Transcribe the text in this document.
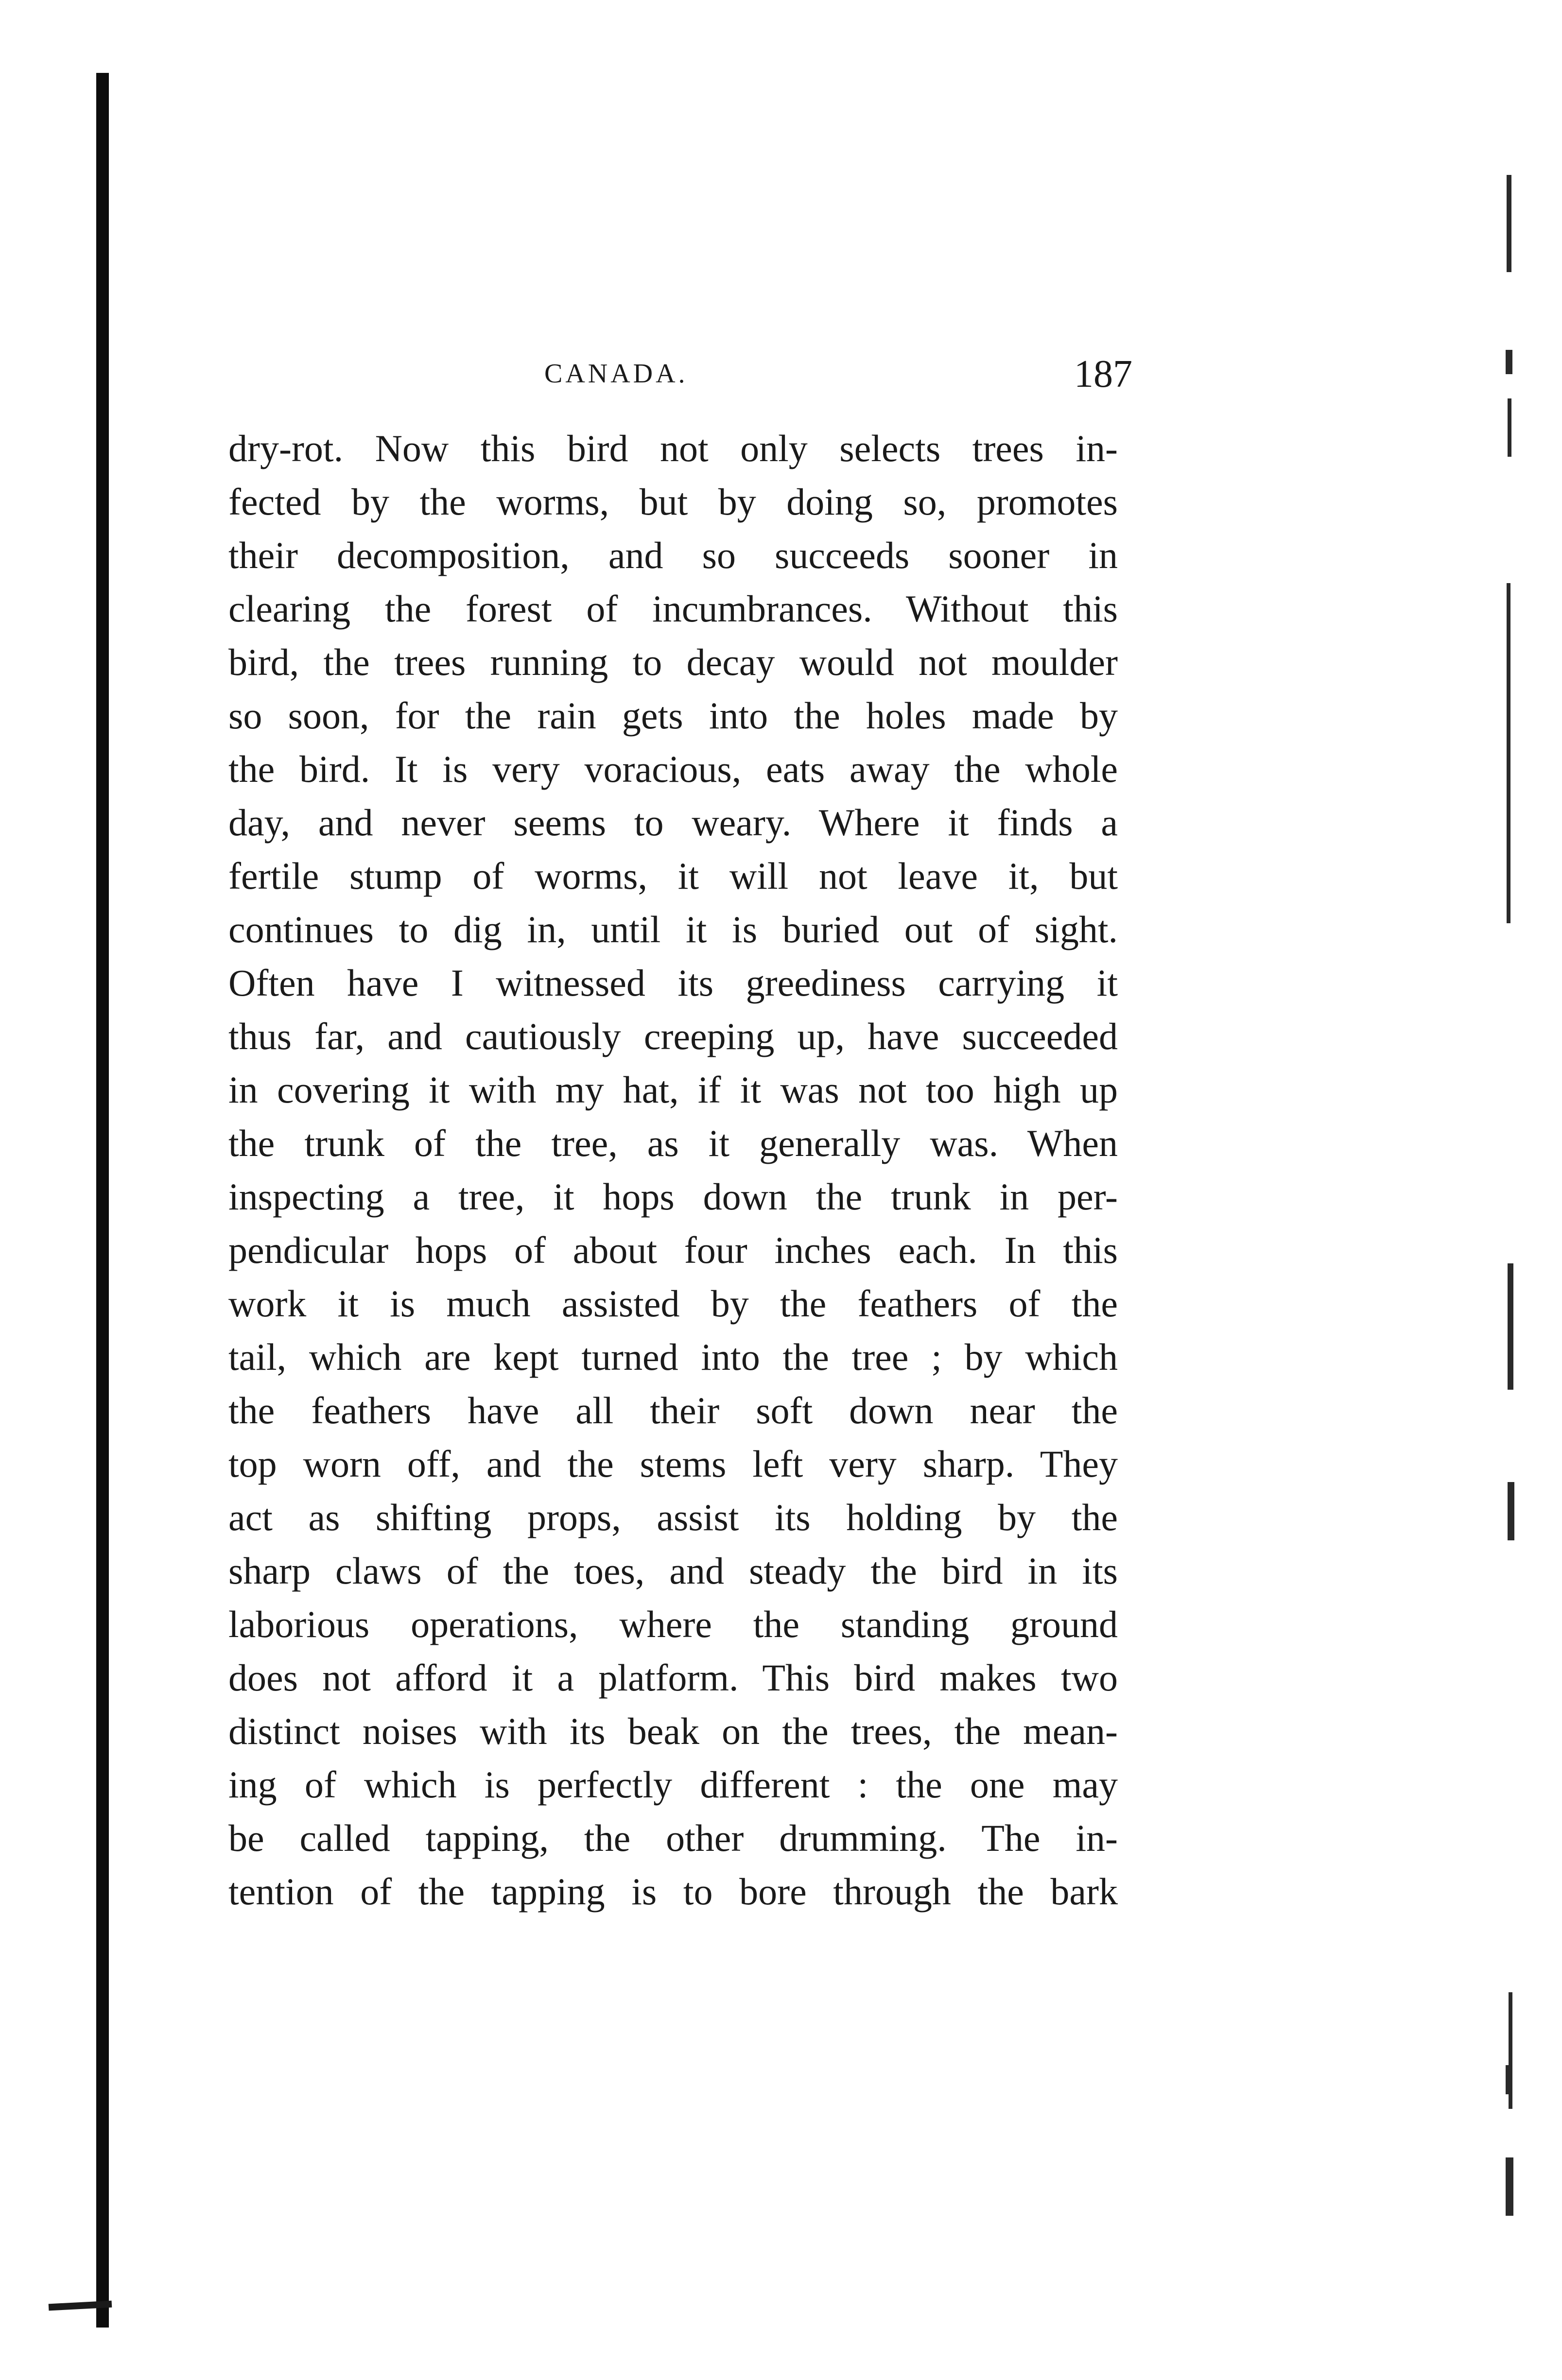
CANADA.	187
dry-rot. Now this bird not only selects trees in-
fected by the worms, but by doing so, promotes
their decomposition, and so succeeds sooner in
clearing the forest of incumbrances. Without this
bird, the trees running to decay would not moulder
so soon, for the rain gets into the holes made by
the bird. It is very voracious, eats away the whole
day, and never seems to weary. Where it finds a
fertile stump of worms, it will not leave it, but
continues to dig in, until it is buried out of sight.
Often have I witnessed its greediness carrying it
thus far, and cautiously creeping up, have succeeded
in covering it with my hat, if it was not too high up
the trunk of the tree, as it generally was. When
inspecting a tree, it hops down the trunk in per-
pendicular hops of about four inches each. In this
work it is much assisted by the feathers of the
tail, which are kept turned into the tree ; by which
the feathers have all their soft down near the
top worn off, and the stems left very sharp. They
act as shifting props, assist its holding by the
sharp claws of the toes, and steady the bird in its
laborious operations, where the standing ground
does not afford it a platform. This bird makes two
distinct noises with its beak on the trees, the mean-
ing of which is perfectly different : the one may
be called tapping, the other drumming. The in-
tention of the tapping is to bore through the bark
